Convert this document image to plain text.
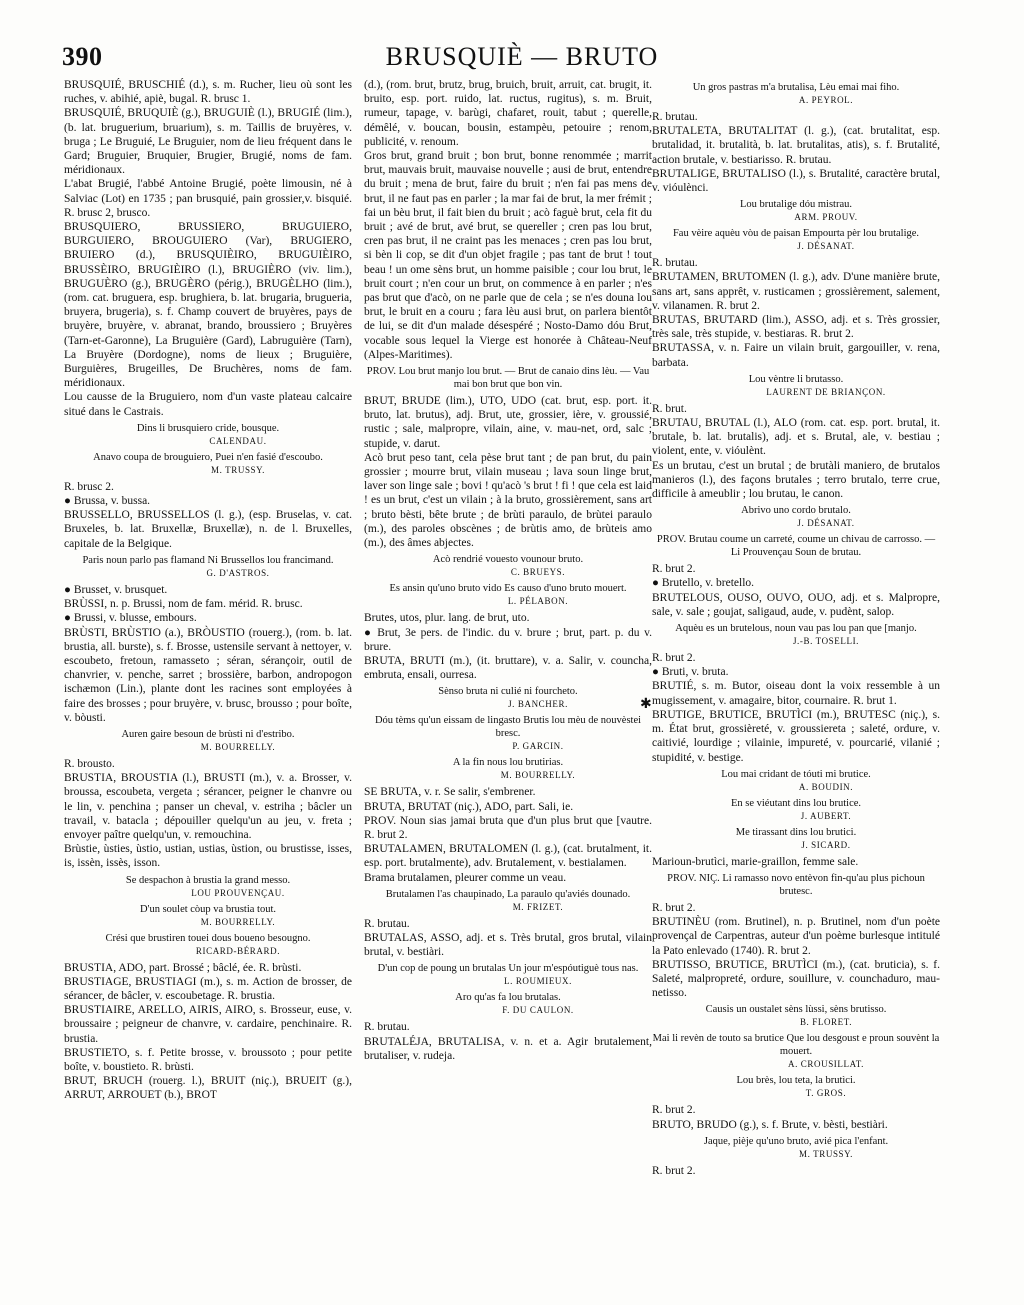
390	BRUSQUIÈ — BRUTO

BRUSQUIÉ, BRUSCHIÉ (d.), s. m. Rucher, lieu où sont les ruches, v. abihié, apiè, bugal. R. brusc 1.

BRUSQUIÉ, BRUQUIÈ (g.), BRUGUIÈ (l.), BRUGIÉ (lim.), (b. lat. bruguerium, bruarium), s. m. Taillis de bruyères, v. bruga ; Le Bruguié, Le Bruguier, nom de lieu fréquent dans le Gard; Bruguier, Bruquier, Brugier, Brugié, noms de fam. méridionaux.

L'abat Brugié, l'abbé Antoine Brugié, poète limousin, né à Salviac (Lot) en 1735 ; pan brusquié, pain grossier,v. bisquié. R. brusc 2, brusco.

BRUSQUIERO, BRUSSIERO, BRUGUIERO, BURGUIERO, BROUGUIERO (Var), BRUGIERO, BRUIERO (d.), BRUSQUIÈIRO, BRUGUIÈIRO, BRUSSÈIRO, BRUGIÈIRO (l.), BRUGIÈRO (viv. lim.), BRUGUÈRO (g.), BRUGÈRO (périg.), BRUGÈLHO (lim.), (rom. cat. bruguera, esp. brughiera, b. lat. brugaria, brugueria, bruyera, brugeria), s. f. Champ couvert de bruyères, pays de bruyère, bruyère, v. abranat, brando, broussiero ; Bruyères (Tarn-et-Garonne), La Bruguière (Gard), Labruguière (Tarn), La Bruyère (Dordogne), noms de lieux ; Bruguière, Burguières, Brugeilles, De Bruchères, noms de fam. méridionaux.

Lou causse de la Bruguiero, nom d'un vaste plateau calcaire situé dans le Castrais.

Dins li brusquiero cride, bousque.
CALENDAU.
Anavo coupa de brouguiero, Puei n'en fasié d'escoubo.
M. TRUSSY.

R. brusc 2.

● Brussa, v. bussa.

BRUSSELLO, BRUSSELLOS (l. g.), (esp. Bruselas, v. cat. Bruxeles, b. lat. Bruxellæ, Bruxellæ), n. de l. Bruxelles, capitale de la Belgique.

Paris noun parlo pas flamand Ni Brussellos lou francimand.
G. D'ASTROS.

● Brusset, v. brusquet.

BRÙSSI, n. p. Brussi, nom de fam. mérid. R. brusc.

● Brussi, v. blusse, embours.

BRÙSTI, BRÙSTIO (a.), BRÒUSTIO (rouerg.), (rom. b. lat. brustia, all. burste), s. f. Brosse, ustensile servant à nettoyer, v. escoubeto, fretoun, ramasseto ; séran, sérançoir, outil de chanvrier, v. penche, sarret ; brossière, barbon, andropogon ischæmon (Lin.), plante dont les racines sont employées à faire des brosses ; pour bruyère, v. brusc, brousso ; pour boîte, v. bòusti.

Auren gaire besoun de brùsti ni d'estribo.
M. BOURRELLY.

R. brousto.

BRUSTIA, BROUSTIA (l.), BRUSTI (m.), v. a. Brosser, v. broussa, escoubeta, vergeta ; sérancer, peigner le chanvre ou le lin, v. penchina ; panser un cheval, v. estriha ; bâcler un travail, v. batacla ; dépouiller quelqu'un au jeu, v. freta ; envoyer paître quelqu'un, v. remouchina.

Brùstie, ùsties, ùstio, ustian, ustias, ùstion, ou brustisse, isses, is, issèn, issès, isson.

Se despachon à brustia la grand messo.
LOU PROUVENÇAU.
D'un soulet còup va brustia tout.
M. BOURRELLY.
Crési que brustiren touei dous boueno besougno.
RICARD-BÉRARD.

BRUSTIA, ADO, part. Brossé ; bâclé, ée. R. brùsti.

BRUSTIAGE, BRUSTIAGI (m.), s. m. Action de brosser, de sérancer, de bâcler, v. escoubetage. R. brustia.

BRUSTIAIRE, ARELLO, AIRIS, AIRO, s. Brosseur, euse, v. broussaire ; peigneur de chanvre, v. cardaire, penchinaire. R. brustia.

BRUSTIETO, s. f. Petite brosse, v. broussoto ; pour petite boîte, v. boustieto. R. brùsti.

BRUT, BRUCH (rouerg. l.), BRUIT (niç.), BRUEIT (g.), ARRUT, ARROUET (b.), BROT

(d.), (rom. brut, brutz, brug, bruich, bruit, arruit, cat. brugit, it. bruito, esp. port. ruido, lat. ructus, rugitus), s. m. Bruit, rumeur, tapage, v. barùgi, chafaret, rouit, tabut ; querelle, démêlé, v. boucan, bousin, estampèu, petouire ; renom, publicité, v. renoum.

Gros brut, grand bruit ; bon brut, bonne renommée ; marrit brut, mauvais bruit, mauvaise nouvelle ; ausi de brut, entendre du bruit ; mena de brut, faire du bruit ; n'en fai pas mens de brut, il ne faut pas en parler ; la mar fai de brut, la mer frémit ; fai un bèu brut, il fait bien du bruit ; acò faguè brut, cela fit du bruit ; avé de brut, avé brut, se quereller ; cren pas lou brut, cren pas brut, il ne craint pas les menaces ; cren pas lou brut, si bèn li cop, se dit d'un objet fragile ; pas tant de brut ! tout beau ! un ome sèns brut, un homme paisible ; cour lou brut, le bruit court ; n'en cour un brut, on commence à en parler ; n'es pas brut que d'acò, on ne parle que de cela ; se n'es douna lou brut, le bruit en a couru ; fara lèu ausi brut, on parlera bientôt de lui, se dit d'un malade désespéré ; Nosto-Damo dóu Brut, vocable sous lequel la Vierge est honorée à Château-Neuf (Alpes-Maritimes).

PROV. Lou brut manjo lou brut. — Brut de canaio dins lèu. — Vau mai bon brut que bon vin.

BRUT, BRUDE (lim.), UTO, UDO (cat. brut, esp. port. it. bruto, lat. brutus), adj. Brut, ute, grossier, ière, v. groussié, rustic ; sale, malpropre, vilain, aine, v. mau-net, ord, salc ; stupide, v. darut.

Acò brut peso tant, cela pèse brut tant ; de pan brut, du pain grossier ; mourre brut, vilain museau ; lava soun linge brut, laver son linge sale ; bovi ! qu'acò 's brut ! fi ! que cela est laid ! es un brut, c'est un vilain ; à la bruto, grossièrement, sans art ; bruto bèsti, bête brute ; de brùti paraulo, de brùtei paraulo (m.), des paroles obscènes ; de brùtis amo, de brùteis amo (m.), des âmes abjectes.

Acò rendrié vouesto vounour bruto.
C. BRUEYS.
Es ansin qu'uno bruto vido Es causo d'uno bruto mouert.
L. PÉLABON.

Brutes, utos, plur. lang. de brut, uto.

● Brut, 3e pers. de l'indic. du v. brure ; brut, part. p. du v. brure.

BRUTA, BRUTI (m.), (it. bruttare), v. a. Salir, v. councha, embruta, ensali, ourresa.

Sènso bruta ni culié ni fourcheto.
J. BANCHER.
Dóu tèms qu'un eissam de lingasto Brutis lou mèu de nouvèstei bresc.
P. GARCIN.
A la fin nous lou brutirias.
M. BOURRELLY.

SE BRUTA, v. r. Se salir, s'embrener.

BRUTA, BRUTAT (niç.), ADO, part. Sali, ie.

PROV. Noun sias jamai bruta que d'un plus brut que [vautre. R. brut 2.

BRUTALAMEN, BRUTALOMEN (l. g.), (cat. brutalment, it. esp. port. brutalmente), adv. Brutalement, v. bestialamen.

Brama brutalamen, pleurer comme un veau.

Brutalamen l'as chaupinado, La paraulo qu'aviés dounado.
M. FRIZET.

R. brutau.

BRUTALAS, ASSO, adj. et s. Très brutal, gros brutal, vilain brutal, v. bestiàri.

D'un cop de poung un brutalas Un jour m'espóutiguè tous nas.
L. ROUMIEUX.
Aro qu'as fa lou brutalas.
F. DU CAULON.

R. brutau.

BRUTALÉJA, BRUTALISA, v. n. et a. Agir brutalement, brutaliser, v. rudeja.

Un gros pastras m'a brutalisa, Lèu emai mai fiho.
A. PEYROL.

R. brutau.

BRUTALETA, BRUTALITAT (l. g.), (cat. brutalitat, esp. brutalidad, it. brutalità, b. lat. brutalitas, atis), s. f. Brutalité, action brutale, v. bestiarisso. R. brutau.

BRUTALIGE, BRUTALISO (l.), s. Brutalité, caractère brutal, v. vióulènci.

Lou brutalige dóu mistrau.
ARM. PROUV.
Fau vèire aquèu vòu de paisan Empourta pèr lou brutalige.
J. DÉSANAT.

R. brutau.

BRUTAMEN, BRUTOMEN (l. g.), adv. D'une manière brute, sans art, sans apprêt, v. rusticamen ; grossièrement, salement, v. vilanamen. R. brut 2.

BRUTAS, BRUTARD (lim.), ASSO, adj. et s. Très grossier, très sale, très stupide, v. bestiaras. R. brut 2.

BRUTASSA, v. n. Faire un vilain bruit, gargouiller, v. rena, barbata.

Lou vèntre li brutasso.
LAURENT DE BRIANÇON.

R. brut.

BRUTAU, BRUTAL (l.), ALO (rom. cat. esp. port. brutal, it. brutale, b. lat. brutalis), adj. et s. Brutal, ale, v. bestiau ; violent, ente, v. vióulènt.

Es un brutau, c'est un brutal ; de brutàli maniero, de brutalos manieros (l.), des façons brutales ; terro brutalo, terre crue, difficile à ameublir ; lou brutau, le canon.

Abrivo uno cordo brutalo.
J. DÉSANAT.
PROV. Brutau coume un carreté, coume un chivau de carrosso. — Li Prouvençau Soun de brutau.

R. brut 2.

● Brutello, v. bretello.

BRUTELOUS, OUSO, OUVO, OUO, adj. et s. Malpropre, sale, v. sale ; goujat, saligaud, aude, v. pudènt, salop.

Aquèu es un brutelous, noun vau pas lou pan que [manjo.
J.-B. TOSELLI.

R. brut 2.

● Bruti, v. bruta.

BRUTIÉ, s. m. Butor, oiseau dont la voix ressemble à un mugissement, v. amagaire, bitor, cournaire. R. brut 1.

BRUTIGE, BRUTICE, BRUTÌCI (m.), BRUTESC (niç.), s. m. État brut, grossièreté, v. groussiereta ; saleté, ordure, v. caitivié, lourdige ; vilainie, impureté, v. pourcarié, vilanié ; stupidité, v. bestige.

Lou mai cridant de tóuti mi brutice.
A. BOUDIN.
En se viéutant dins lou brutice.
J. AUBERT.
Me tirassant dins lou brutici.
J. SICARD.

Marioun-brutìci, marie-graillon, femme sale.

PROV. NIÇ. Li ramasso novo entèvon fin-qu'au plus pichoun brutesc.

R. brut 2.

BRUTINÈU (rom. Brutinel), n. p. Brutinel, nom d'un poète provençal de Carpentras, auteur d'un poème burlesque intitulé la Pato enlevado (1740). R. brut 2.

BRUTISSO, BRUTICE, BRUTÌCI (m.), (cat. bruticia), s. f. Saleté, malpropreté, ordure, souillure, v. counchaduro, mau-netisso.

Causis un oustalet sèns lùssi, sèns brutisso.
B. FLORET.
Mai li revèn de touto sa brutice Que lou desgoust e proun souvènt la mouert.
A. CROUSILLAT.
Lou brès, lou teta, la brutìci.
T. GROS.

R. brut 2.

BRUTO, BRUDO (g.), s. f. Brute, v. bèsti, bestiàri.

Jaque, pièje qu'uno bruto, avié pica l'enfant.
M. TRUSSY.

R. brut 2.

✱
